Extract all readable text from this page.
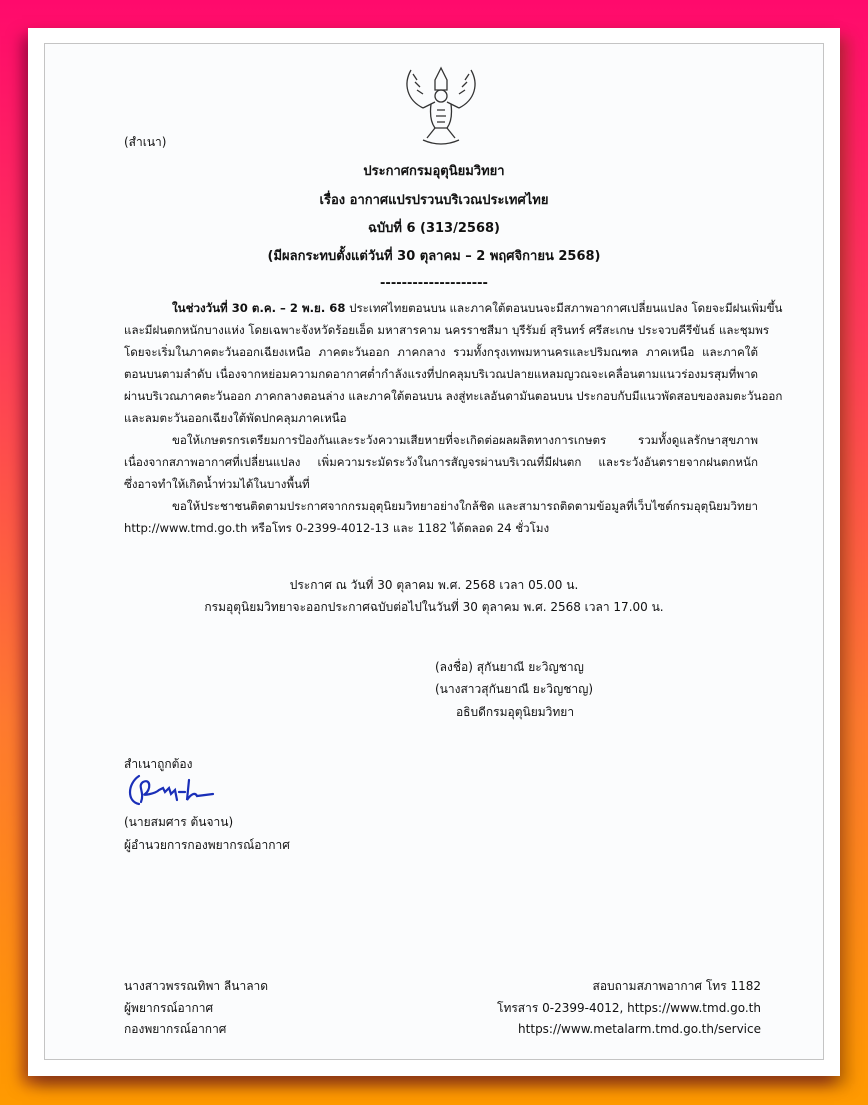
(สำเนา)
ประกาศกรมอุตุนิยมวิทยา
เรื่อง อากาศแปรปรวนบริเวณประเทศไทย
ฉบับที่ 6 (313/2568)
(มีผลกระทบตั้งแต่วันที่ 30 ตุลาคม – 2 พฤศจิกายน 2568)
--------------------
ในช่วงวันที่ 30 ต.ค. – 2 พ.ย. 68 ประเทศไทยตอนบน และภาคใต้ตอนบนจะมีสภาพอากาศเปลี่ยนแปลง โดยจะมีฝนเพิ่มขึ้น
และมีฝนตกหนักบางแห่ง โดยเฉพาะจังหวัดร้อยเอ็ด มหาสารคาม นครราชสีมา บุรีรัมย์ สุรินทร์ ศรีสะเกษ ประจวบคีรีขันธ์ และชุมพร
โดยจะเริ่มในภาคตะวันออกเฉียงเหนือ ภาคตะวันออก ภาคกลาง รวมทั้งกรุงเทพมหานครและปริมณฑล ภาคเหนือ และภาคใต้
ตอนบนตามลำดับ เนื่องจากหย่อมความกดอากาศต่ำกำลังแรงที่ปกคลุมบริเวณปลายแหลมญวณจะเคลื่อนตามแนวร่องมรสุมที่พาด
ผ่านบริเวณภาคตะวันออก ภาคกลางตอนล่าง และภาคใต้ตอนบน ลงสู่ทะเลอันดามันตอนบน ประกอบกับมีแนวพัดสอบของลมตะวันออก
และลมตะวันออกเฉียงใต้พัดปกคลุมภาคเหนือ
ขอให้เกษตรกรเตรียมการป้องกันและระวังความเสียหายที่จะเกิดต่อผลผลิตทางการเกษตร รวมทั้งดูแลรักษาสุขภาพ
เนื่องจากสภาพอากาศที่เปลี่ยนแปลง เพิ่มความระมัดระวังในการสัญจรผ่านบริเวณที่มีฝนตก และระวังอันตรายจากฝนตกหนัก
ซึ่งอาจทำให้เกิดน้ำท่วมได้ในบางพื้นที่
ขอให้ประชาชนติดตามประกาศจากกรมอุตุนิยมวิทยาอย่างใกล้ชิด และสามารถติดตามข้อมูลที่เว็บไซต์กรมอุตุนิยมวิทยา
http://www.tmd.go.th หรือโทร 0-2399-4012-13 และ 1182 ได้ตลอด 24 ชั่วโมง
ประกาศ ณ วันที่ 30 ตุลาคม พ.ศ. 2568 เวลา 05.00 น.
กรมอุตุนิยมวิทยาจะออกประกาศฉบับต่อไปในวันที่ 30 ตุลาคม พ.ศ. 2568 เวลา 17.00 น.
(ลงชื่อ) สุกันยาณี ยะวิญชาญ
(นางสาวสุกันยาณี ยะวิญชาญ)
อธิบดีกรมอุตุนิยมวิทยา
สำเนาถูกต้อง
(นายสมศาร ต้นจาน)
ผู้อำนวยการกองพยากรณ์อากาศ
นางสาวพรรณทิพา ลีนาลาด
ผู้พยากรณ์อากาศ
กองพยากรณ์อากาศ
สอบถามสภาพอากาศ โทร 1182
โทรสาร 0-2399-4012, https://www.tmd.go.th
https://www.metalarm.tmd.go.th/service
